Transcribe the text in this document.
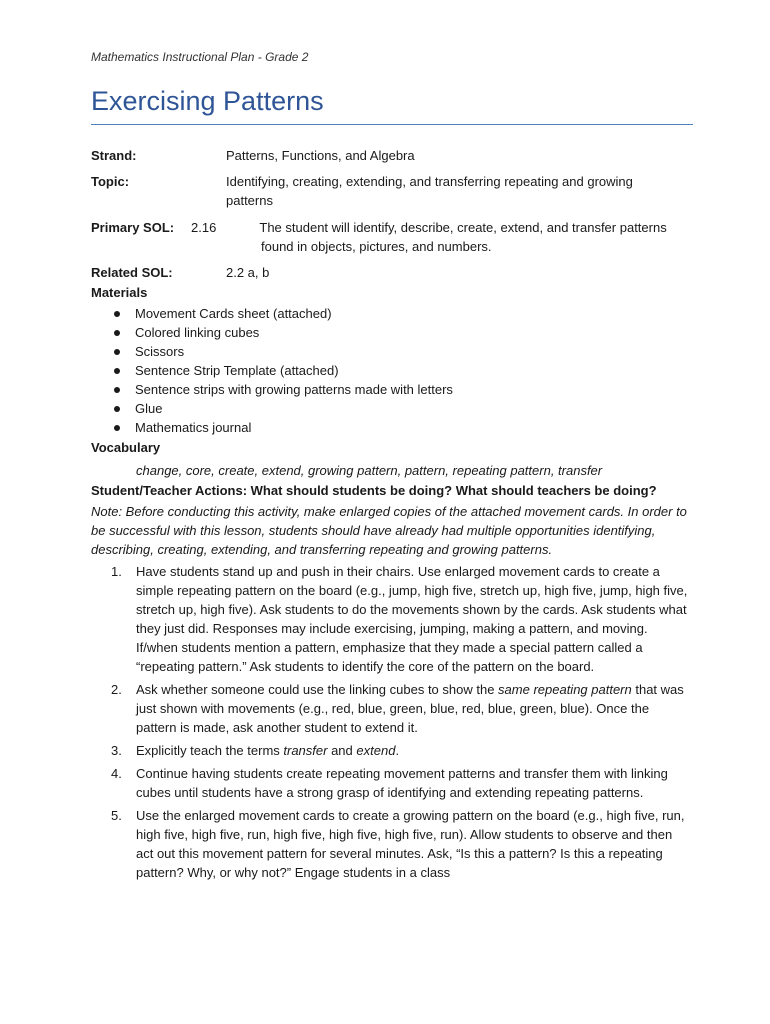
Mathematics Instructional Plan - Grade 2
Exercising Patterns
Strand:	Patterns, Functions, and Algebra
Topic:	Identifying, creating, extending, and transferring repeating and growing patterns
Primary SOL: 2.16	The student will identify, describe, create, extend, and transfer patterns found in objects, pictures, and numbers.
Related SOL:	2.2 a, b
Materials
Movement Cards sheet (attached)
Colored linking cubes
Scissors
Sentence Strip Template (attached)
Sentence strips with growing patterns made with letters
Glue
Mathematics journal
Vocabulary
change, core, create, extend, growing pattern, pattern, repeating pattern, transfer
Student/Teacher Actions: What should students be doing? What should teachers be doing?
Note: Before conducting this activity, make enlarged copies of the attached movement cards. In order to be successful with this lesson, students should have already had multiple opportunities identifying, describing, creating, extending, and transferring repeating and growing patterns.
1. Have students stand up and push in their chairs. Use enlarged movement cards to create a simple repeating pattern on the board (e.g., jump, high five, stretch up, high five, jump, high five, stretch up, high five). Ask students to do the movements shown by the cards. Ask students what they just did. Responses may include exercising, jumping, making a pattern, and moving. If/when students mention a pattern, emphasize that they made a special pattern called a “repeating pattern.” Ask students to identify the core of the pattern on the board.
2. Ask whether someone could use the linking cubes to show the same repeating pattern that was just shown with movements (e.g., red, blue, green, blue, red, blue, green, blue). Once the pattern is made, ask another student to extend it.
3. Explicitly teach the terms transfer and extend.
4. Continue having students create repeating movement patterns and transfer them with linking cubes until students have a strong grasp of identifying and extending repeating patterns.
5. Use the enlarged movement cards to create a growing pattern on the board (e.g., high five, run, high five, high five, run, high five, high five, high five, run). Allow students to observe and then act out this movement pattern for several minutes. Ask, “Is this a pattern? Is this a repeating pattern? Why, or why not?” Engage students in a class
